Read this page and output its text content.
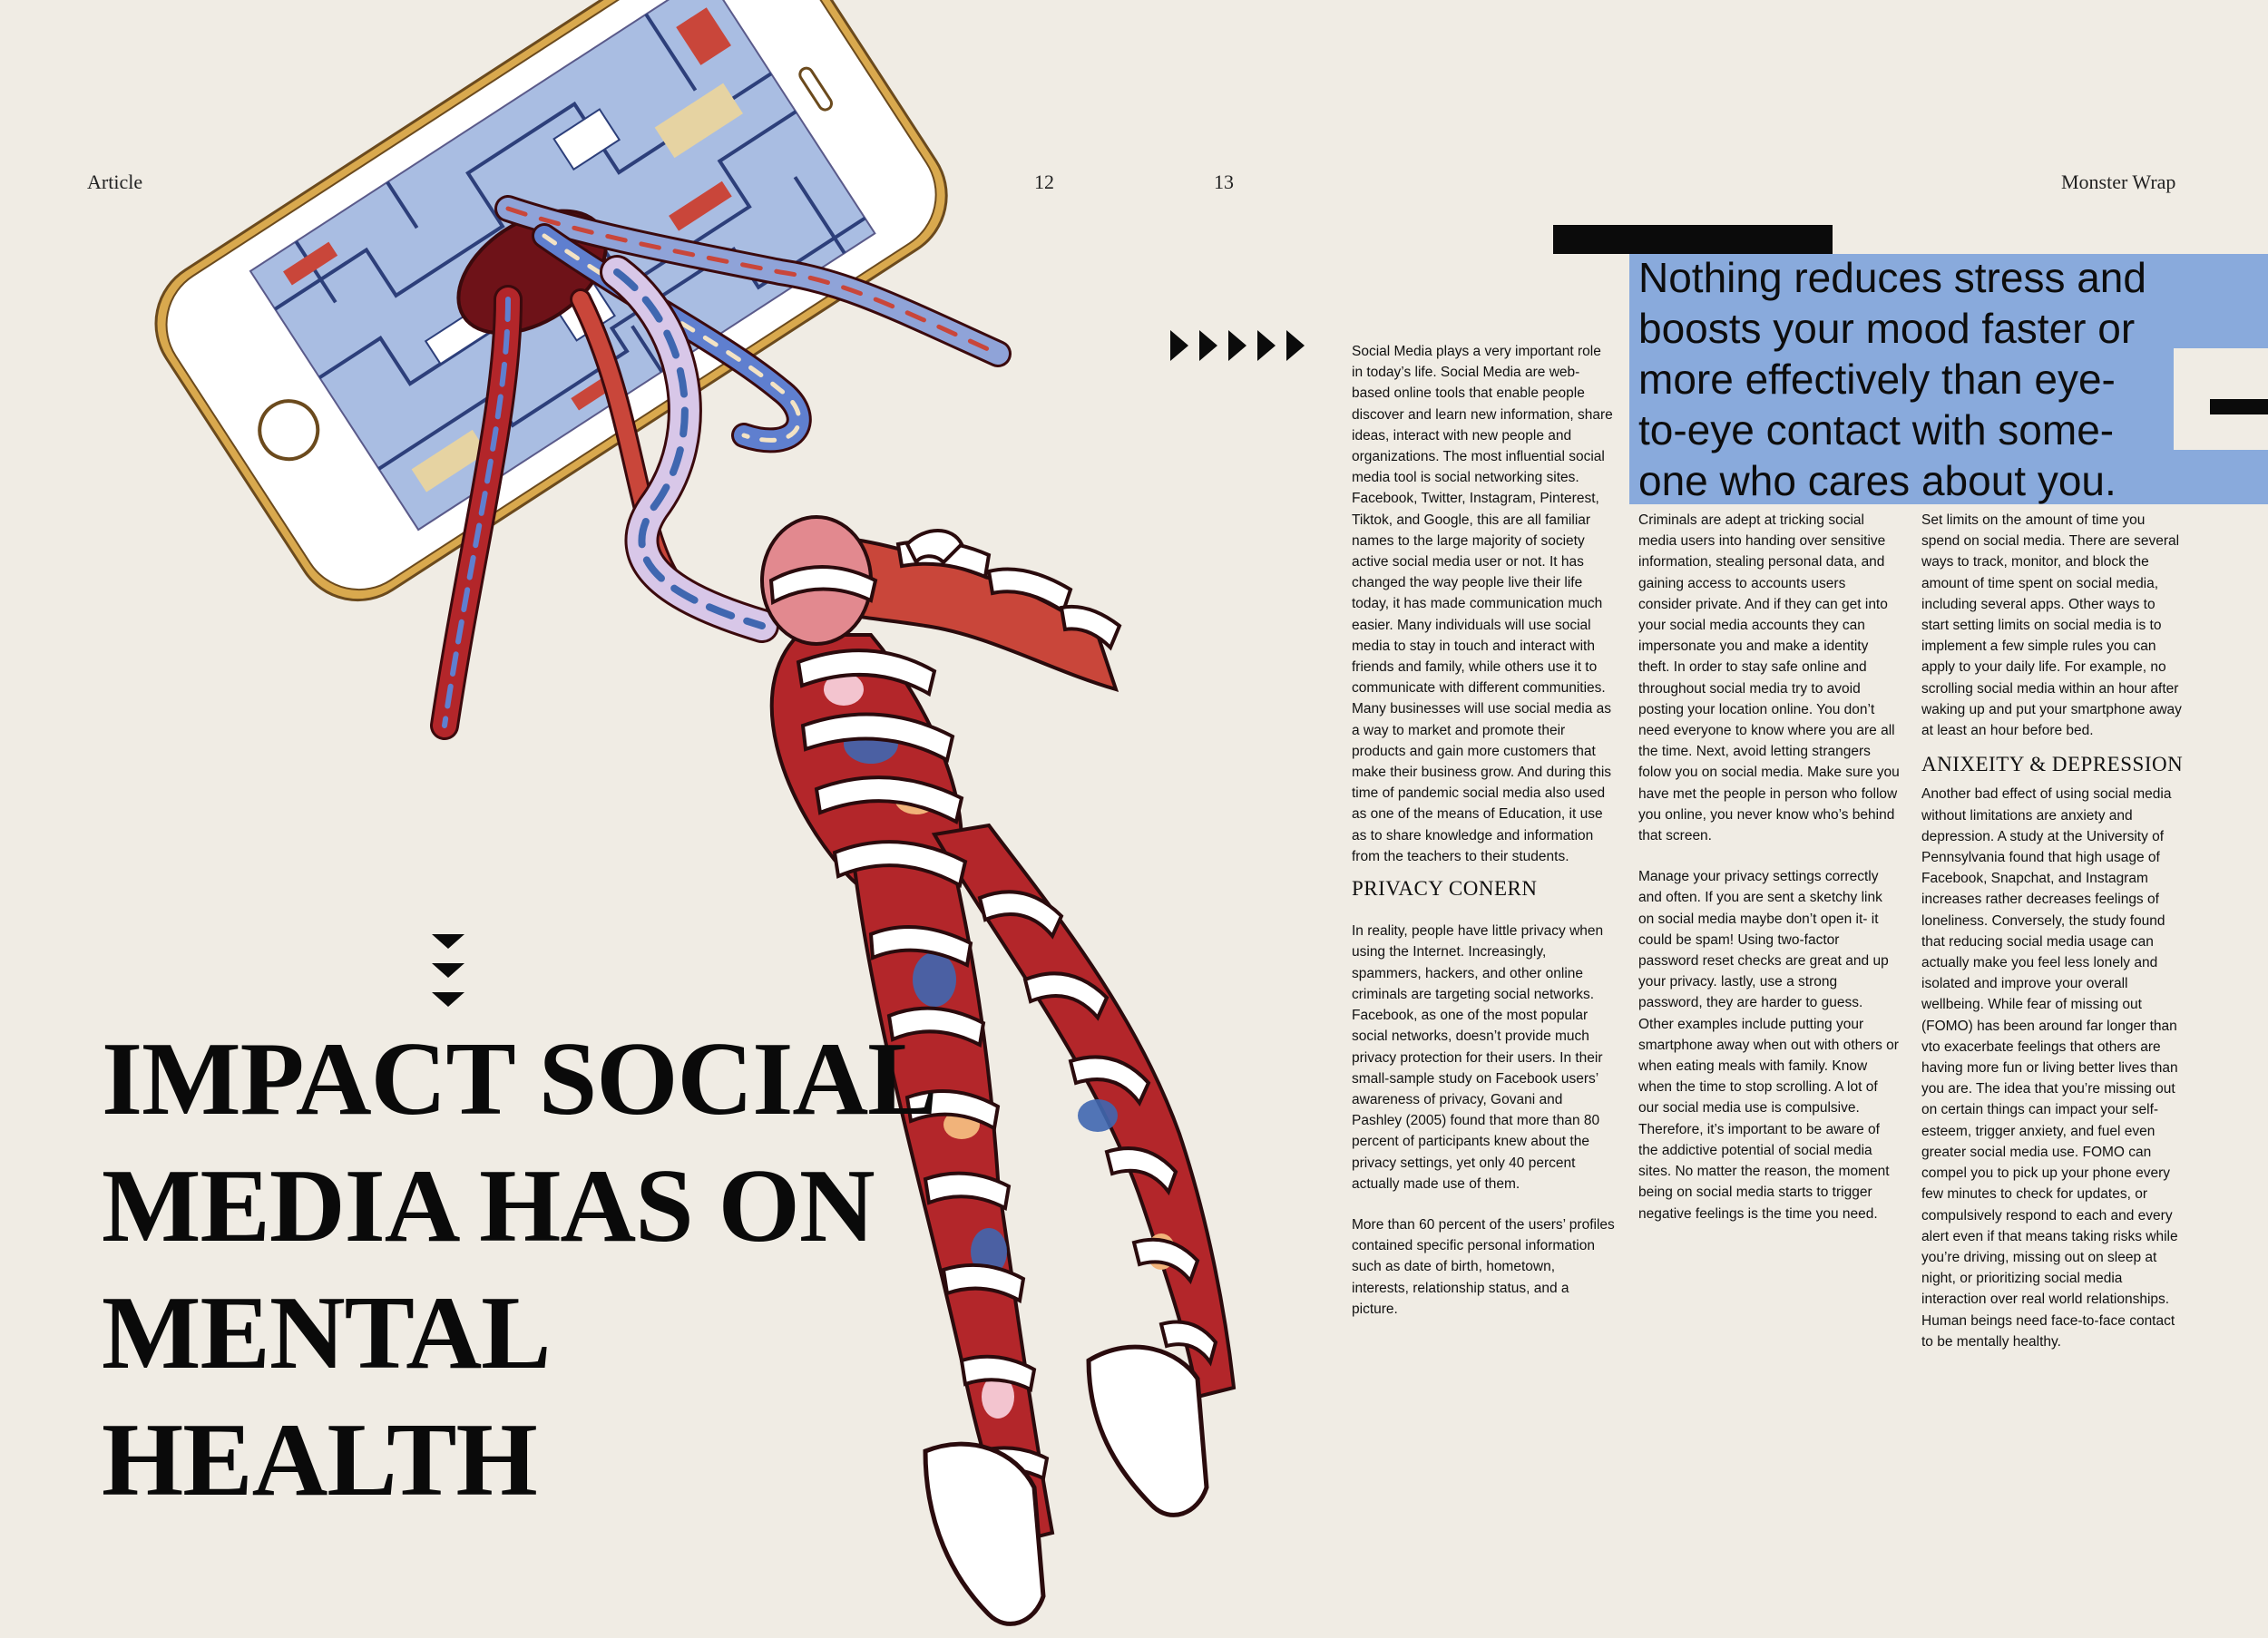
Article	12	13	Monster Wrap
IMPACT SOCIAL
MEDIA HAS ON
MENTAL HEALTH
Nothing reduces stress and
boosts your mood faster or
more effectively than eye-
to-eye contact with some-
one who cares about you.

Social Media plays a very important role in today’s life. Social Media are web-based online tools that enable people discover and learn new information, share ideas, interact with new people and organizations. The most influential social media tool is social networking sites. Facebook, Twitter, Instagram, Pinterest, Tiktok, and Google, this are all familiar names to the large majority of society active social media user or not. It has changed the way people live their life today, it has made communication much easier. Many individuals will use social media to stay in touch and interact with friends and family, while others use it to communicate with different communities. Many businesses will use social media as a way to market and promote their products and gain more customers that make their business grow. And during this time of pandemic social media also used as one of the means of Education, it use as to share knowledge and information from the teachers to their students.

PRIVACY CONERN

In reality, people have little privacy when using the Internet. Increasingly, spammers, hackers, and other online criminals are targeting social networks. Facebook, as one of the most popular social networks, doesn’t provide much privacy protection for their users. In their small-sample study on Facebook users’ awareness of privacy, Govani and Pashley (2005) found that more than 80 percent of participants knew about the privacy settings, yet only 40 percent actually made use of them.

More than 60 percent of the users’ profiles contained specific personal information such as date of birth, hometown, interests, relationship status, and a picture.

Criminals are adept at tricking social media users into handing over sensitive information, stealing personal data, and gaining access to accounts users consider private. And if they can get into your social media accounts they can impersonate you and make a identity theft. In order to stay safe online and throughout social media try to avoid posting your location online. You don’t need everyone to know where you are all the time. Next, avoid letting strangers folow you on social media. Make sure you have met the people in person who follow you online, you never know who’s behind that screen.

Manage your privacy settings correctly and often. If you are sent a sketchy link on social media maybe don’t open it- it could be spam! Using two-factor password reset checks are great and up your privacy. lastly, use a strong password, they are harder to guess. Other examples include putting your smartphone away when out with others or when eating meals with family. Know when the time to stop scrolling. A lot of our social media use is compulsive. Therefore, it’s important to be aware of the addictive potential of social media sites. No matter the reason, the moment being on social media starts to trigger negative feelings is the time you need.

Set limits on the amount of time you spend on social media. There are several ways to track, monitor, and block the amount of time spent on social media, including several apps. Other ways to start setting limits on social media is to implement a few simple rules you can apply to your daily life. For example, no scrolling social media within an hour after waking up and put your smartphone away at least an hour before bed.

ANIXEITY & DEPRESSION

Another bad effect of using social media without limitations are anxiety and depression. A study at the University of Pennsylvania found that high usage of Facebook, Snapchat, and Instagram increases rather decreases feelings of loneliness. Conversely, the study found that reducing social media usage can actually make you feel less lonely and isolated and improve your overall wellbeing. While fear of missing out (FOMO) has been around far longer than vto exacerbate feelings that others are having more fun or living better lives than you are. The idea that you’re missing out on certain things can impact your self-esteem, trigger anxiety, and fuel even greater social media use. FOMO can compel you to pick up your phone every few minutes to check for updates, or compulsively respond to each and every alert even if that means taking risks while you’re driving, missing out on sleep at night, or prioritizing social media interaction over real world relationships. Human beings need face-to-face contact to be mentally healthy.
